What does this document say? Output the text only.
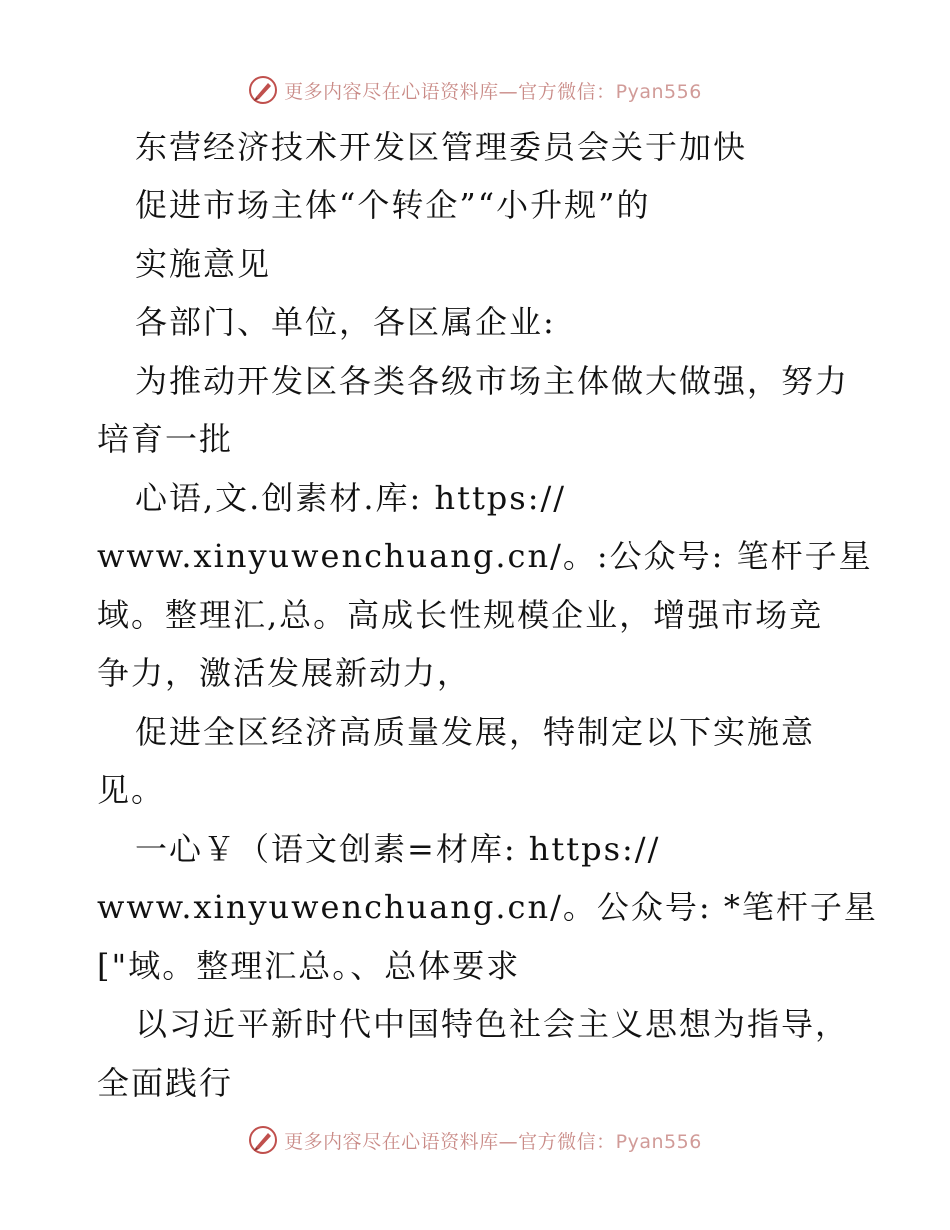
更多内容尽在心语资料库—官方微信：Pyan556
东营经济技术开发区管理委员会关于加快
促进市场主体“个转企”“小升规”的
实施意见
各部门、单位，各区属企业:
为推动开发区各类各级市场主体做大做强，努力
培育一批
心语,文.创素材.库: https://
www.xinyuwenchuang.cn/。:公众号: 笔杆子星
域。整理汇,总。高成长性规模企业，增强市场竞
争力，激活发展新动力，
促进全区经济高质量发展，特制定以下实施意
见。
一心￥（语文创素=材库: https://
www.xinyuwenchuang.cn/。公众号: *笔杆子星
["域。整理汇总。、总体要求
以习近平新时代中国特色社会主义思想为指导，
全面践行
更多内容尽在心语资料库—官方微信：Pyan556
